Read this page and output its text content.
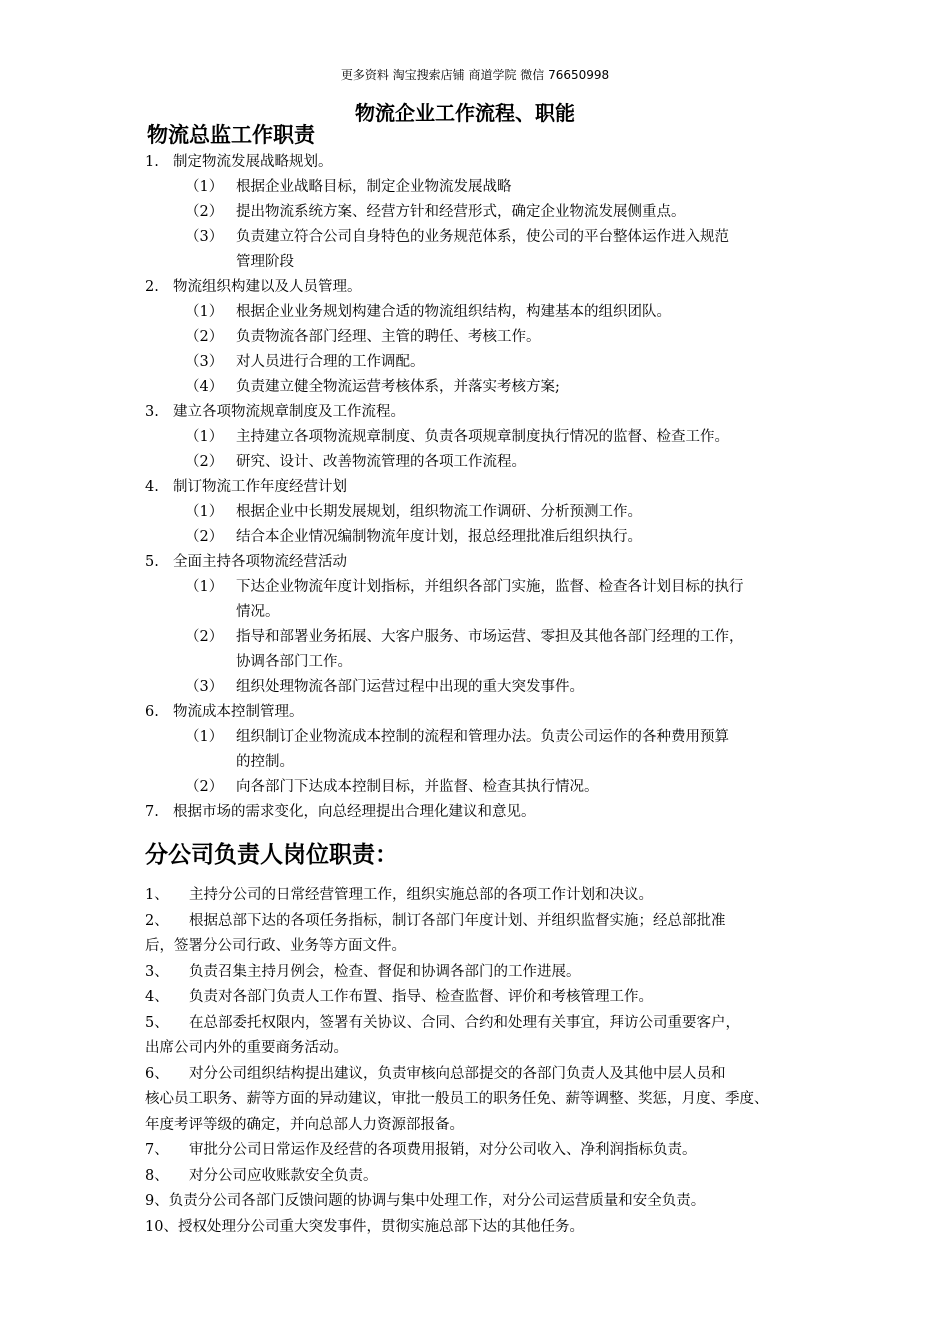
更多资料 淘宝搜索店铺 商道学院 微信 76650998
物流企业工作流程、职能
物流总监工作职责
1. 制定物流发展战略规划。
（1） 根据企业战略目标，制定企业物流发展战略
（2） 提出物流系统方案、经营方针和经营形式，确定企业物流发展侧重点。
（3） 负责建立符合公司自身特色的业务规范体系，使公司的平台整体运作进入规范
管理阶段
2. 物流组织构建以及人员管理。
（1） 根据企业业务规划构建合适的物流组织结构，构建基本的组织团队。
（2） 负责物流各部门经理、主管的聘任、考核工作。
（3） 对人员进行合理的工作调配。
（4） 负责建立健全物流运营考核体系，并落实考核方案;
3. 建立各项物流规章制度及工作流程。
（1） 主持建立各项物流规章制度、负责各项规章制度执行情况的监督、检查工作。
（2） 研究、设计、改善物流管理的各项工作流程。
4. 制订物流工作年度经营计划
（1） 根据企业中长期发展规划，组织物流工作调研、分析预测工作。
（2） 结合本企业情况编制物流年度计划，报总经理批准后组织执行。
5. 全面主持各项物流经营活动
（1） 下达企业物流年度计划指标，并组织各部门实施，监督、检查各计划目标的执行
情况。
（2） 指导和部署业务拓展、大客户服务、市场运营、零担及其他各部门经理的工作，
协调各部门工作。
（3） 组织处理物流各部门运营过程中出现的重大突发事件。
6. 物流成本控制管理。
（1） 组织制订企业物流成本控制的流程和管理办法。负责公司运作的各种费用预算
的控制。
（2） 向各部门下达成本控制目标，并监督、检查其执行情况。
7. 根据市场的需求变化，向总经理提出合理化建议和意见。
分公司负责人岗位职责：
1、 主持分公司的日常经营管理工作，组织实施总部的各项工作计划和决议。
2、 根据总部下达的各项任务指标，制订各部门年度计划、并组织监督实施；经总部批准
后，签署分公司行政、业务等方面文件。
3、 负责召集主持月例会，检查、督促和协调各部门的工作进展。
4、 负责对各部门负责人工作布置、指导、检查监督、评价和考核管理工作。
5、 在总部委托权限内，签署有关协议、合同、合约和处理有关事宜，拜访公司重要客户，
出席公司内外的重要商务活动。
6、 对分公司组织结构提出建议，负责审核向总部提交的各部门负责人及其他中层人员和
核心员工职务、薪等方面的异动建议，审批一般员工的职务任免、薪等调整、奖惩，月度、季度、
年度考评等级的确定，并向总部人力资源部报备。
7、 审批分公司日常运作及经营的各项费用报销，对分公司收入、净利润指标负责。
8、 对分公司应收账款安全负责。
9、负责分公司各部门反馈问题的协调与集中处理工作，对分公司运营质量和安全负责。
10、授权处理分公司重大突发事件，贯彻实施总部下达的其他任务。
